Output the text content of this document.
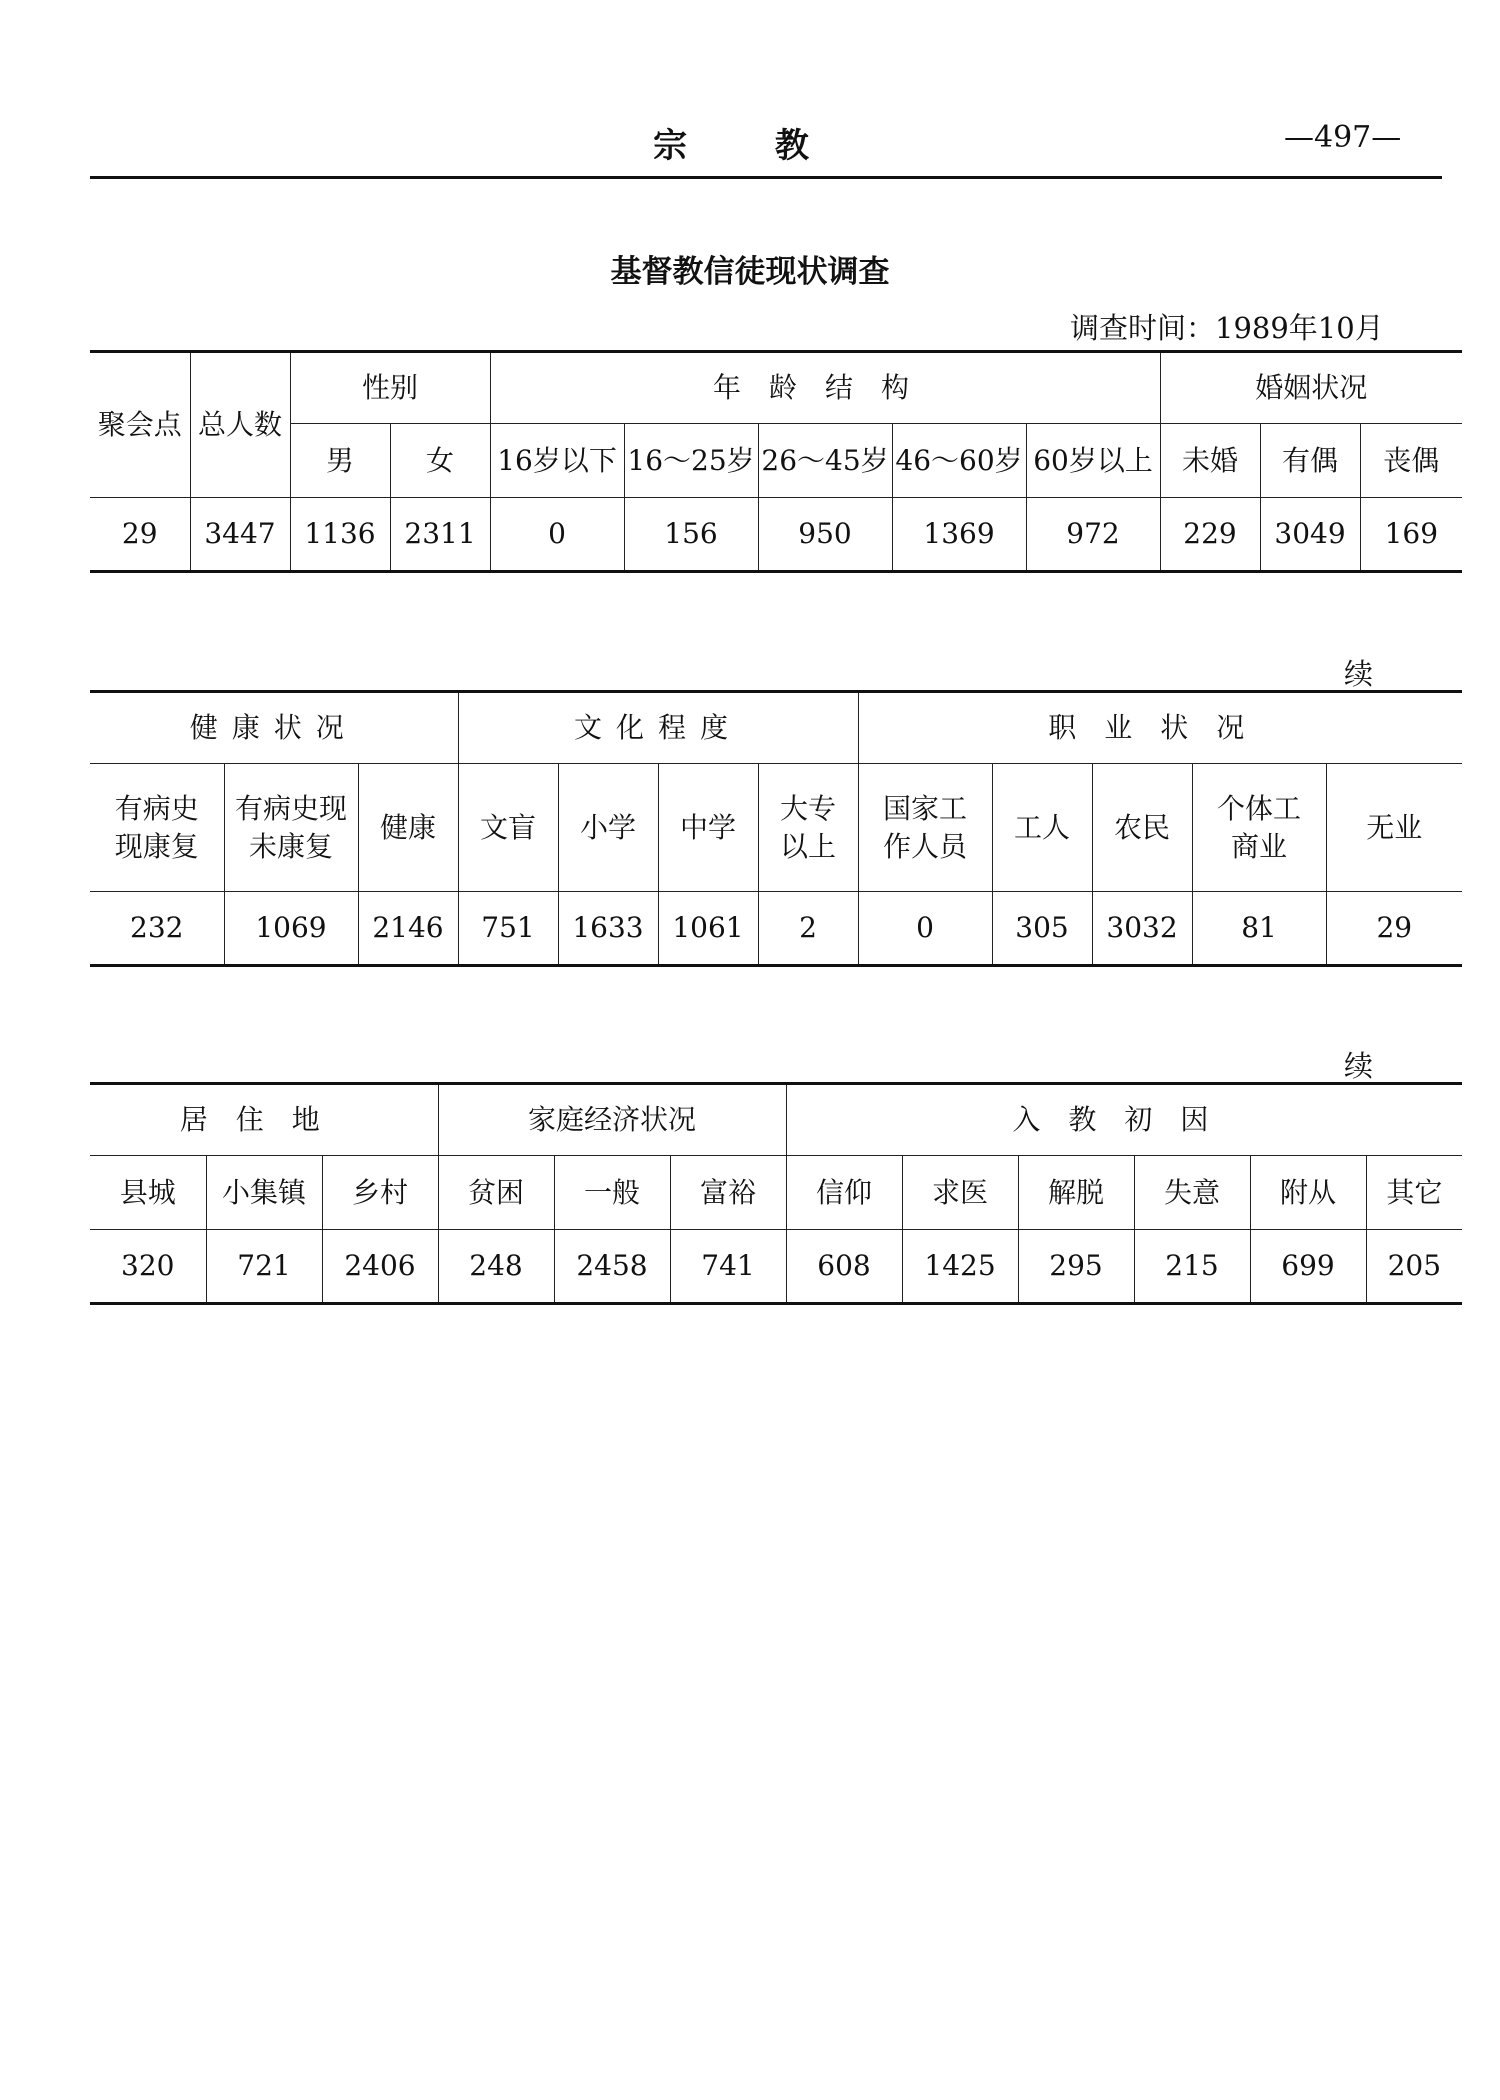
宗 教	—497—
基督教信徒现状调查
调查时间：1989年10月
聚会点	总人数	性别		年龄结构					婚姻状况		
		男	女	16岁以下	16～25岁	26～45岁	46～60岁	60岁以上	未婚	有偶	丧偶
29	3447	1136	2311	0	156	950	1369	972	229	3049	169
续
健康状况			文化程度				职业状况				
有病史现康复	有病史现未康复	健康	文盲	小学	中学	大专以上	国家工作人员	工人	农民	个体工商业	无业
232	1069	2146	751	1633	1061	2	0	305	3032	81	29
续
居住地			家庭经济状况			入教初因					
县城	小集镇	乡村	贫困	一般	富裕	信仰	求医	解脱	失意	附从	其它
320	721	2406	248	2458	741	608	1425	295	215	699	205
